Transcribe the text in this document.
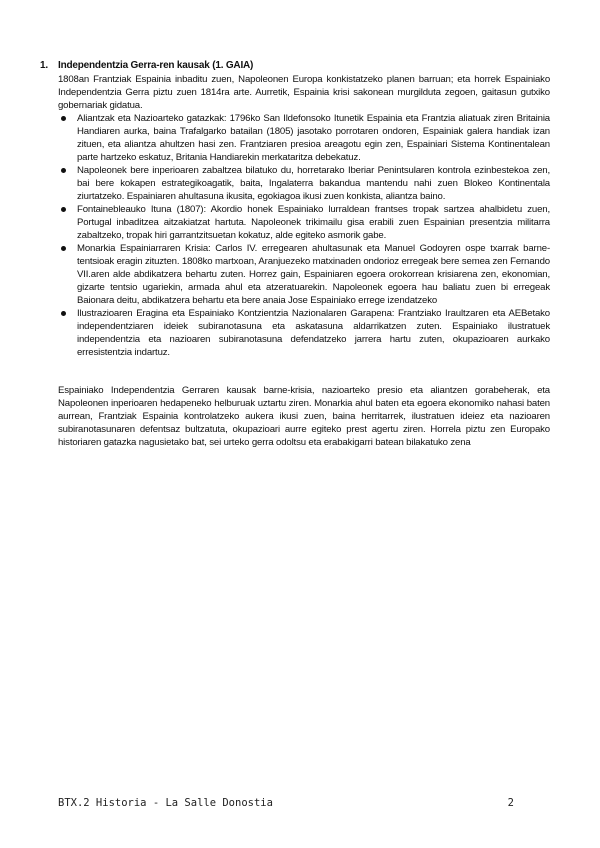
1.	Independentzia Gerra-ren kausak (1. GAIA)

1808an Frantziak Espainia inbaditu zuen, Napoleonen Europa konkistatzeko planen barruan; eta horrek Espainiako Independentzia Gerra piztu zuen 1814ra arte. Aurretik, Espainia krisi sakonean murgilduta zegoen, gaitasun gutxiko gobernariak gidatua.

Aliantzak eta Nazioarteko gatazkak: 1796ko San Ildefonsoko Itunetik Espainia eta Frantzia aliatuak ziren Britainia Handiaren aurka, baina Trafalgarko batailan (1805) jasotako porrotaren ondoren, Espainiak galera handiak izan zituen, eta aliantza ahultzen hasi zen. Frantziaren presioa areagotu egin zen, Espainiari Sistema Kontinentalean parte hartzeko eskatuz, Britania Handiarekin merkataritza debekatuz.
Napoleonek bere inperioaren zabaltzea bilatuko du, horretarako Iberiar Penintsularen kontrola ezinbestekoa zen, bai bere kokapen estrategikoagatik, baita, Ingalaterra bakandua mantendu nahi zuen Blokeo Kontinentala ziurtatzeko. Espainiaren ahultasuna ikusita, egokiagoa ikusi zuen konkista, aliantza baino.
Fontainebleauko Ituna (1807): Akordio honek Espainiako lurraldean frantses tropak sartzea ahalbidetu zuen, Portugal inbaditzea aitzakiatzat hartuta. Napoleonek trikimailu gisa erabili zuen Espainian presentzia militarra zabaltzeko, tropak hiri garrantzitsuetan kokatuz, alde egiteko asmorik gabe.
Monarkia Espainiarraren Krisia: Carlos IV. erregearen ahultasunak eta Manuel Godoyren ospe txarrak barne-tentsioak eragin zituzten. 1808ko martxoan, Aranjuezeko matxinaden ondorioz erregeak bere semea zen Fernando VII.aren alde abdikatzera behartu zuten. Horrez gain, Espainiaren egoera orokorrean krisiarena zen, ekonomian, gizarte tentsio ugariekin, armada ahul eta atzeratuarekin. Napoleonek egoera hau baliatu zuen bi erregeak Baionara deitu, abdikatzera behartu eta bere anaia Jose Espainiako errege izendatzeko
Ilustrazioaren Eragina eta Espainiako Kontzientzia Nazionalaren Garapena: Frantziako Iraultzaren eta AEBetako independentziaren ideiek subiranotasuna eta askatasuna aldarrikatzen zuten. Espainiako ilustratuek independentzia eta nazioaren subiranotasuna defendatzeko jarrera hartu zuten, okupazioaren aurkako erresistentzia indartuz.

Espainiako Independentzia Gerraren kausak barne-krisia, nazioarteko presio eta aliantzen gorabeherak, eta Napoleonen inperioaren hedapeneko helburuak uztartu ziren. Monarkia ahul baten eta egoera ekonomiko nahasi baten aurrean, Frantziak Espainia kontrolatzeko aukera ikusi zuen, baina herritarrek, ilustratuen ideiez eta nazioaren subiranotasunaren defentsaz bultzatuta, okupazioari aurre egiteko prest agertu ziren. Horrela piztu zen Europako historiaren gatazka nagusietako bat, sei urteko gerra odoltsu eta erabakigarri batean bilakatuko zena

BTX.2 Historia - La Salle Donostia	2
